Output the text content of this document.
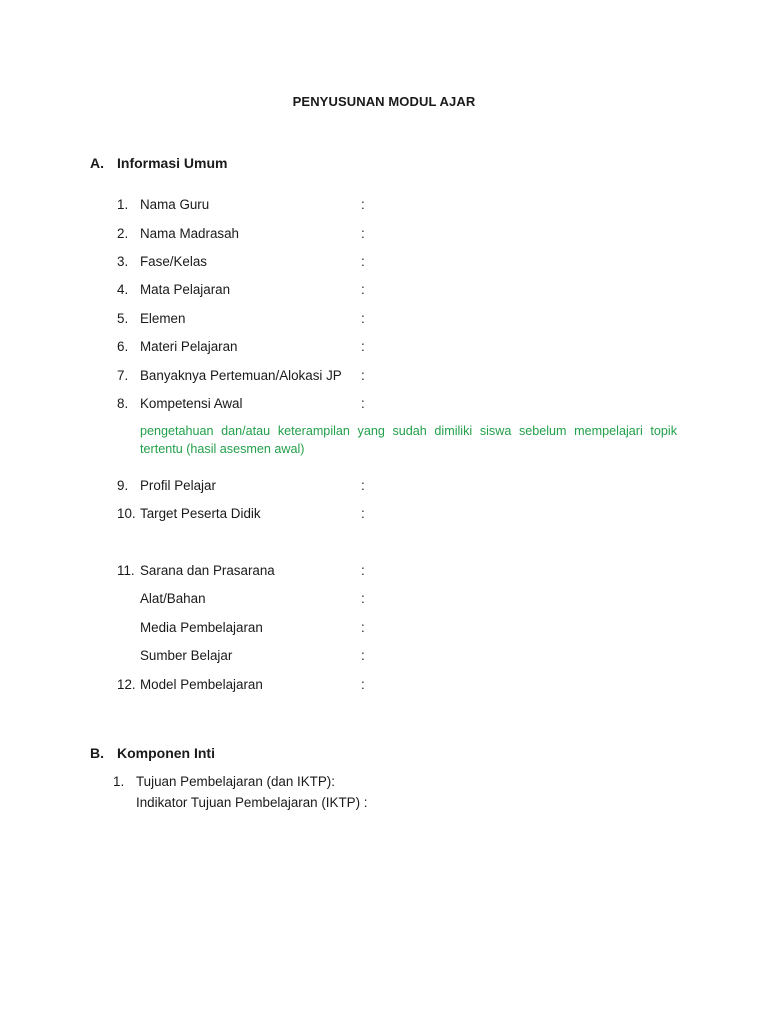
PENYUSUNAN MODUL AJAR
A. Informasi Umum
1. Nama Guru	:
2. Nama Madrasah	:
3. Fase/Kelas	:
4. Mata Pelajaran	:
5. Elemen	:
6. Materi Pelajaran	:
7. Banyaknya Pertemuan/Alokasi JP :
8. Kompetensi Awal	:
pengetahuan dan/atau keterampilan yang sudah dimiliki siswa sebelum mempelajari topik tertentu (hasil asesmen awal)
9. Profil Pelajar	:
10. Target Peserta Didik	:
11. Sarana dan Prasarana	:
Alat/Bahan	:
Media Pembelajaran	:
Sumber Belajar	:
12. Model Pembelajaran	:
B. Komponen Inti
1. Tujuan Pembelajaran (dan IKTP):
Indikator Tujuan Pembelajaran (IKTP) :
